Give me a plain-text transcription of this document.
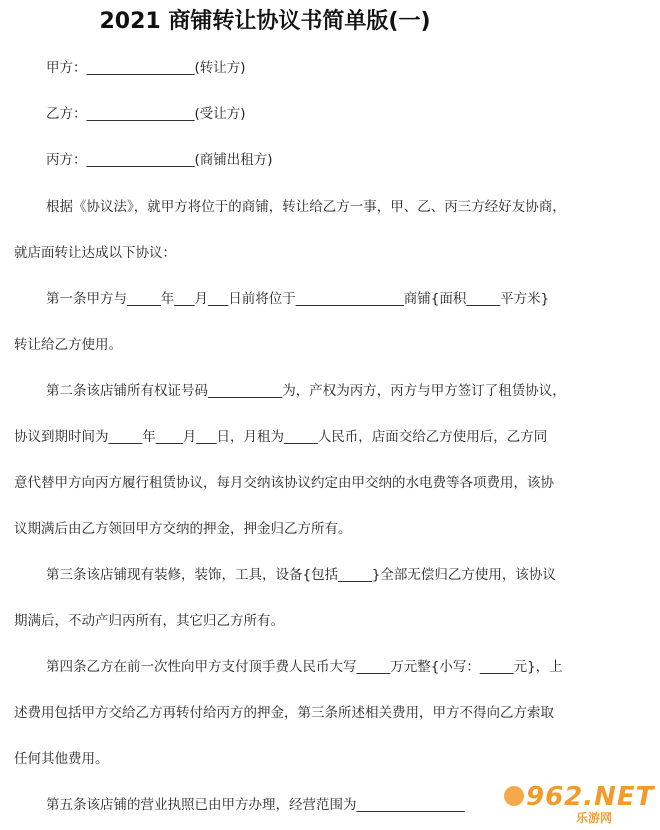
2021 商铺转让协议书简单版(一)
甲方：________________(转让方)
乙方：________________(受让方)
丙方：________________(商铺出租方)
根据《协议法》，就甲方将位于的商铺，转让给乙方一事，甲、乙、丙三方经好友协商，
就店面转让达成以下协议：
第一条甲方与_____年___月___日前将位于________________商铺{面积_____平方米}
转让给乙方使用。
第二条该店铺所有权证号码___________为，产权为丙方，丙方与甲方签订了租赁协议，
协议到期时间为_____年____月___日，月租为_____人民币，店面交给乙方使用后，乙方同
意代替甲方向丙方履行租赁协议，每月交纳该协议约定由甲交纳的水电费等各项费用，该协
议期满后由乙方领回甲方交纳的押金，押金归乙方所有。
第三条该店铺现有装修，装饰，工具，设备{包括_____}全部无偿归乙方使用，该协议
期满后，不动产归丙所有，其它归乙方所有。
第四条乙方在前一次性向甲方支付顶手费人民币大写_____万元整{小写：_____元}，上
述费用包括甲方交给乙方再转付给丙方的押金，第三条所述相关费用，甲方不得向乙方索取
任何其他费用。
第五条该店铺的营业执照已由甲方办理，经营范围为________________ 962.NET
乐游网
